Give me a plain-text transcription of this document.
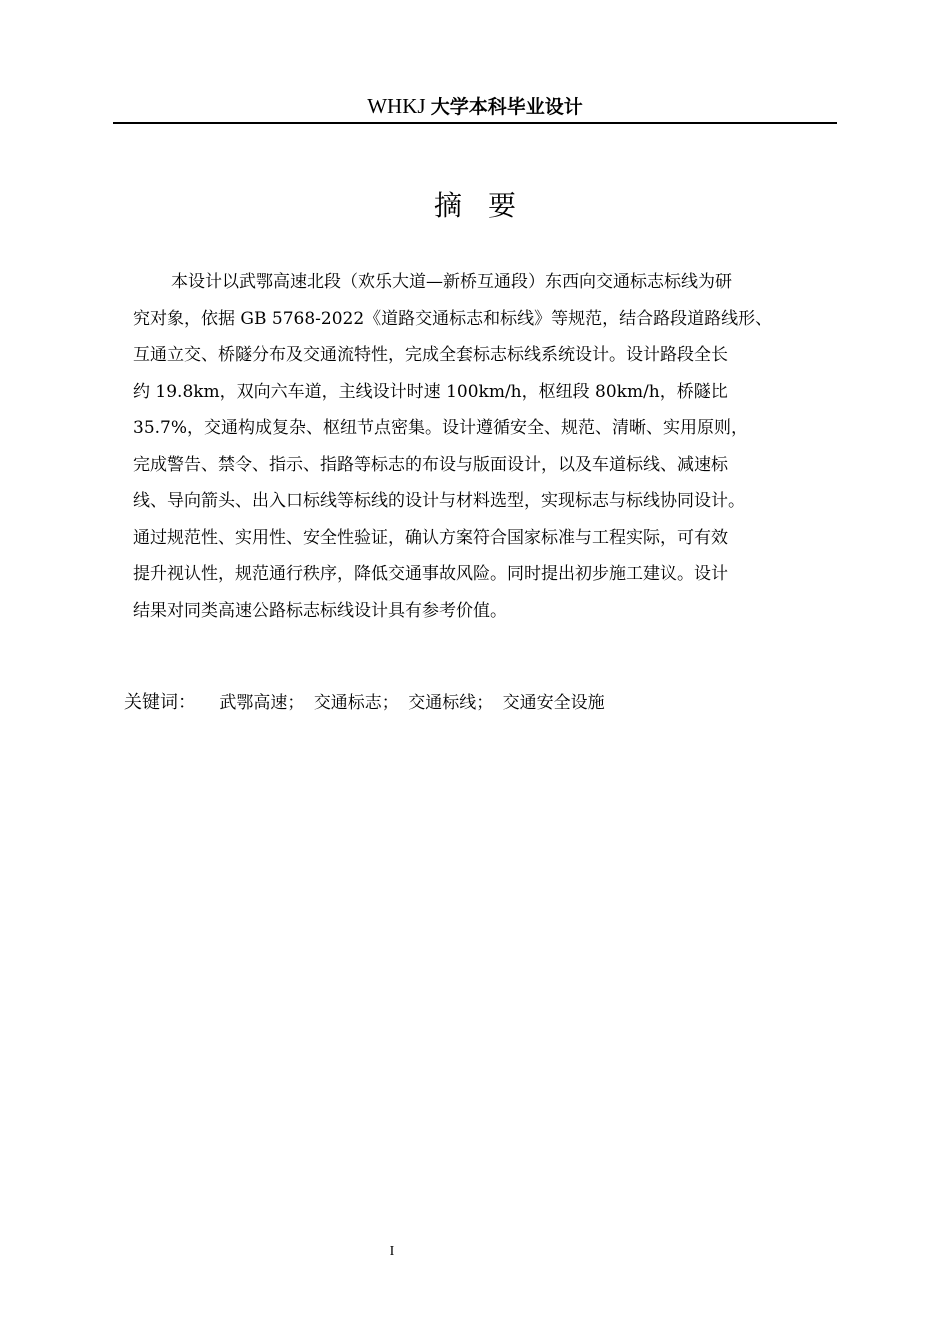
WHKJ 大学本科毕业设计
摘要
本设计以武鄂高速北段（欢乐大道—新桥互通段）东西向交通标志标线为研
究对象，依据 GB 5768-2022《道路交通标志和标线》等规范，结合路段道路线形、
互通立交、桥隧分布及交通流特性，完成全套标志标线系统设计。设计路段全长
约 19.8km，双向六车道，主线设计时速 100km/h，枢纽段 80km/h，桥隧比
35.7%，交通构成复杂、枢纽节点密集。设计遵循安全、规范、清晰、实用原则，
完成警告、禁令、指示、指路等标志的布设与版面设计，以及车道标线、减速标
线、导向箭头、出入口标线等标线的设计与材料选型，实现标志与标线协同设计。
通过规范性、实用性、安全性验证，确认方案符合国家标准与工程实际，可有效
提升视认性，规范通行秩序，降低交通事故风险。同时提出初步施工建议。设计
结果对同类高速公路标志标线设计具有参考价值。
关键词： 武鄂高速； 交通标志； 交通标线； 交通安全设施
I
